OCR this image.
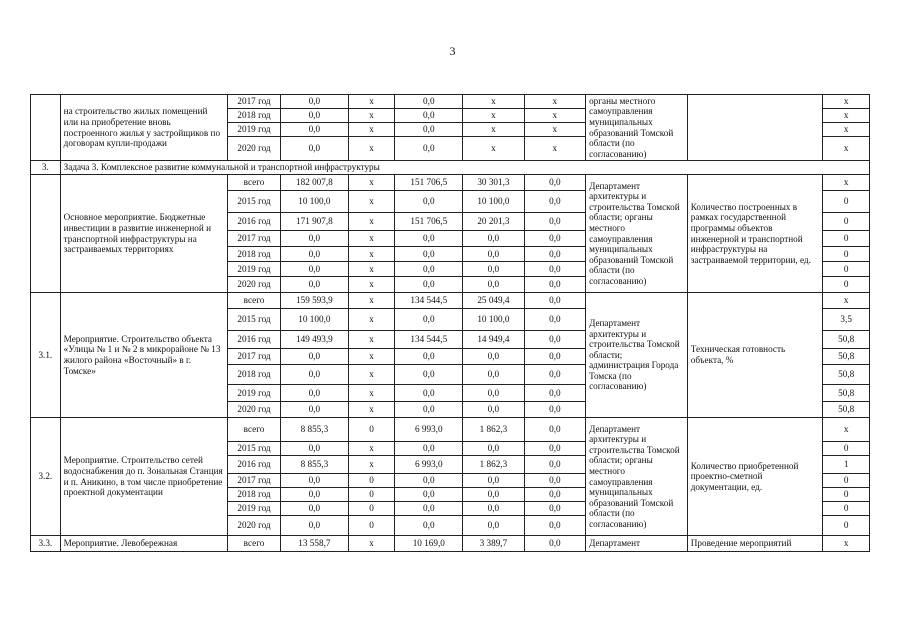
3
	на строительство жилых помещений или на приобретение вновь построенного жилья у застройщиков по договорам купли-продажи	2017 год	0,0	x	0,0	x	x	органы местного самоуправления муниципальных образований Томской области (по согласованию)		x
		2018 год	0,0	x	0,0	x	x			x
		2019 год	0,0	x	0,0	x	x			x
		2020 год	0,0	x	0,0	x	x			x
3.	Задача 3. Комплексное развитие коммунальной и транспортной инфраструктуры									
	Основное мероприятие. Бюджетные инвестиции в развитие инженерной и транспортной инфраструктуры на застраиваемых территориях	всего	182 007,8	x	151 706,5	30 301,3	0,0	Департамент архитектуры и строительства Томской области; органы местного самоуправления муниципальных образований Томской области (по согласованию)	Количество построенных в рамках государственной программы объектов инженерной и транспортной инфраструктуры на застраиваемой территории, ед.	x
		2015 год	10 100,0	x	0,0	10 100,0	0,0			0
		2016 год	171 907,8	x	151 706,5	20 201,3	0,0			0
		2017 год	0,0	x	0,0	0,0	0,0			0
		2018 год	0,0	x	0,0	0,0	0,0			0
		2019 год	0,0	x	0,0	0,0	0,0			0
		2020 год	0,0	x	0,0	0,0	0,0			0
3.1.	Мероприятие. Строительство объекта «Улицы № 1 и № 2 в микрорайоне № 13 жилого района «Восточный» в г. Томске»	всего	159 593,9	x	134 544,5	25 049,4	0,0	Департамент архитектуры и строительства Томской области; администрация Города Томска (по согласованию)	Техническая готовность объекта, %	x
		2015 год	10 100,0	x	0,0	10 100,0	0,0			3,5
		2016 год	149 493,9	x	134 544,5	14 949,4	0,0			50,8
		2017 год	0,0	x	0,0	0,0	0,0			50,8
		2018 год	0,0	x	0,0	0,0	0,0			50,8
		2019 год	0,0	x	0,0	0,0	0,0			50,8
		2020 год	0,0	x	0,0	0,0	0,0			50,8
3.2.	Мероприятие. Строительство сетей водоснабжения до п. Зональная Станция и п. Аникино, в том числе приобретение проектной документации	всего	8 855,3	0	6 993,0	1 862,3	0,0	Департамент архитектуры и строительства Томской области; органы местного самоуправления муниципальных образований Томской области (по согласованию)	Количество приобретенной проектно-сметной документации, ед.	x
		2015 год	0,0	x	0,0	0,0	0,0			0
		2016 год	8 855,3	x	6 993,0	1 862,3	0,0			1
		2017 год	0,0	0	0,0	0,0	0,0			0
		2018 год	0,0	0	0,0	0,0	0,0			0
		2019 год	0,0	0	0,0	0,0	0,0			0
		2020 год	0,0	0	0,0	0,0	0,0			0
3.3.	Мероприятие. Левобережная	всего	13 558,7	x	10 169,0	3 389,7	0,0	Департамент	Проведение мероприятий	x
